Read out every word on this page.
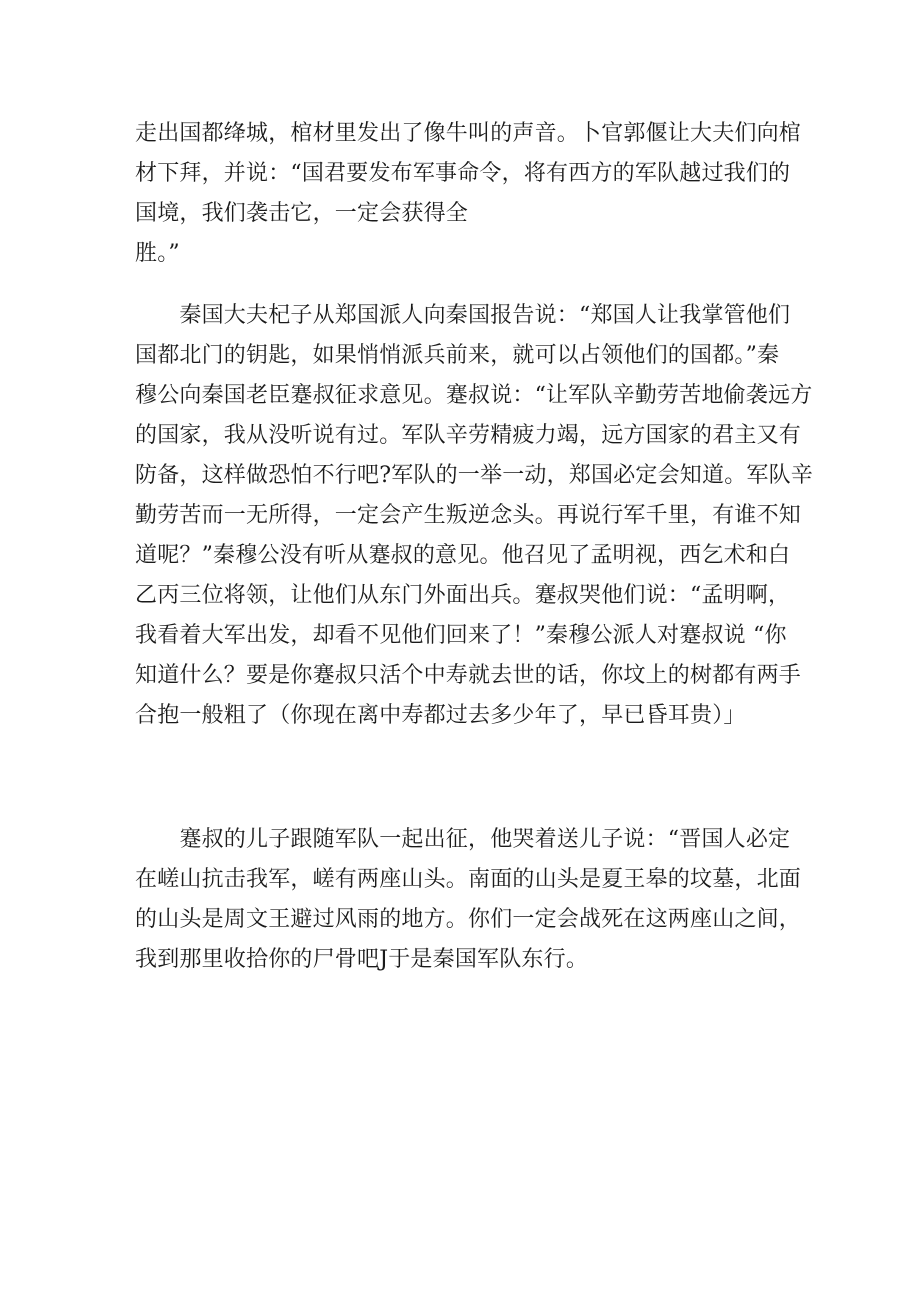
走出国都绛城，棺材里发出了像牛叫的声音。卜官郭偃让大夫们向棺
材下拜，并说：“国君要发布军事命令，将有西方的军队越过我们的
国境，我们袭击它，一定会获得全
胜。”
　　秦国大夫杞子从郑国派人向秦国报告说：“郑国人让我掌管他们
国都北门的钥匙，如果悄悄派兵前来，就可以占领他们的国都。”秦
穆公向秦国老臣蹇叔征求意见。蹇叔说：“让军队辛勤劳苦地偷袭远方
的国家，我从没听说有过。军队辛劳精疲力竭，远方国家的君主又有
防备，这样做恐怕不行吧?军队的一举一动，郑国必定会知道。军队辛
勤劳苦而一无所得，一定会产生叛逆念头。再说行军千里，有谁不知
道呢？”秦穆公没有听从蹇叔的意见。他召见了孟明视，西乞术和白
乙丙三位将领，让他们从东门外面出兵。蹇叔哭他们说：“孟明啊，
我看着大军出发，却看不见他们回来了！”秦穆公派人对蹇叔说 “你
知道什么？要是你蹇叔只活个中寿就去世的话，你坟上的树都有两手
合抱一般粗了（你现在离中寿都过去多少年了，早已昏耳贵）」
　　蹇叔的儿子跟随军队一起出征，他哭着送儿子说：“晋国人必定
在嵯山抗击我军，嵯有两座山头。南面的山头是夏王皋的坟墓，北面
的山头是周文王避过风雨的地方。你们一定会战死在这两座山之间，
我到那里收拾你的尸骨吧J于是秦国军队东行。
